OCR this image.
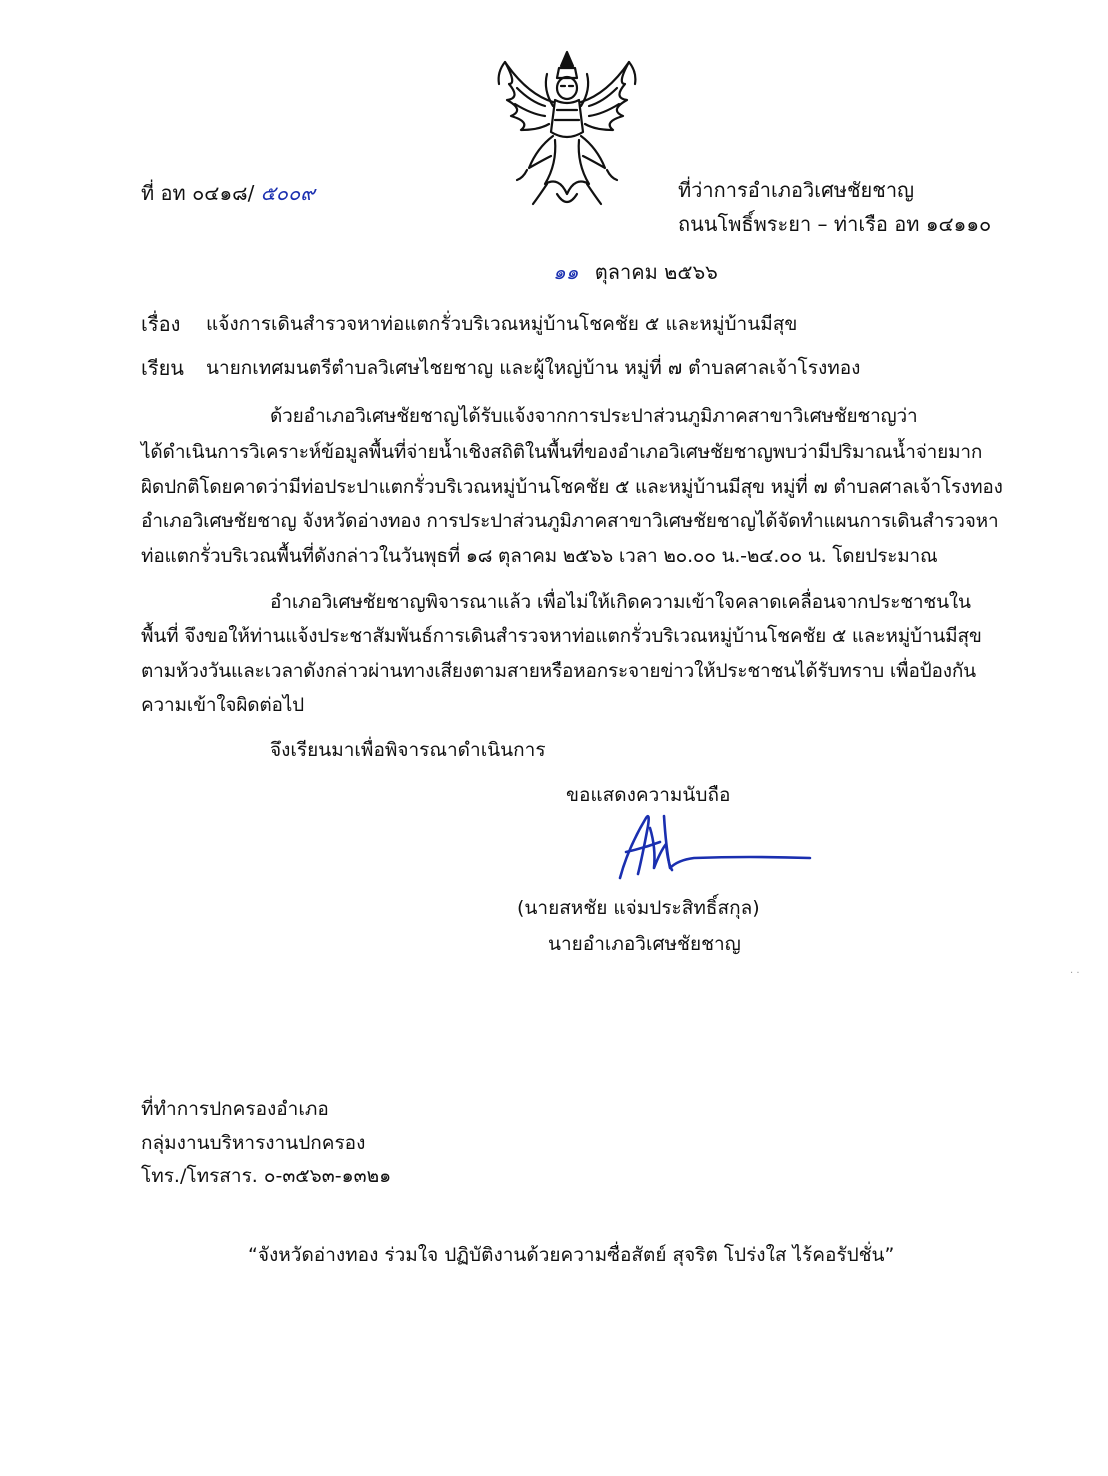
ที่ อท ๐๔๑๘/ ๕๐๐๙	ที่ว่าการอำเภอวิเศษชัยชาญ
ถนนโพธิ์พระยา – ท่าเรือ อท ๑๔๑๑๐
๑๑ ตุลาคม ๒๕๖๖
เรื่อง แจ้งการเดินสำรวจหาท่อแตกรั่วบริเวณหมู่บ้านโชคชัย ๕ และหมู่บ้านมีสุข
เรียน นายกเทศมนตรีตำบลวิเศษไชยชาญ และผู้ใหญ่บ้าน หมู่ที่ ๗ ตำบลศาลเจ้าโรงทอง
ด้วยอำเภอวิเศษชัยชาญได้รับแจ้งจากการประปาส่วนภูมิภาคสาขาวิเศษชัยชาญว่า
ได้ดำเนินการวิเคราะห์ข้อมูลพื้นที่จ่ายน้ำเชิงสถิติในพื้นที่ของอำเภอวิเศษชัยชาญพบว่ามีปริมาณน้ำจ่ายมาก
ผิดปกติโดยคาดว่ามีท่อประปาแตกรั่วบริเวณหมู่บ้านโชคชัย ๕ และหมู่บ้านมีสุข หมู่ที่ ๗ ตำบลศาลเจ้าโรงทอง
อำเภอวิเศษชัยชาญ จังหวัดอ่างทอง การประปาส่วนภูมิภาคสาขาวิเศษชัยชาญได้จัดทำแผนการเดินสำรวจหา
ท่อแตกรั่วบริเวณพื้นที่ดังกล่าวในวันพุธที่ ๑๘ ตุลาคม ๒๕๖๖ เวลา ๒๐.๐๐ น.-๒๔.๐๐ น. โดยประมาณ
อำเภอวิเศษชัยชาญพิจารณาแล้ว เพื่อไม่ให้เกิดความเข้าใจคลาดเคลื่อนจากประชาชนใน
พื้นที่ จึงขอให้ท่านแจ้งประชาสัมพันธ์การเดินสำรวจหาท่อแตกรั่วบริเวณหมู่บ้านโชคชัย ๕ และหมู่บ้านมีสุข
ตามห้วงวันและเวลาดังกล่าวผ่านทางเสียงตามสายหรือหอกระจายข่าวให้ประชาชนได้รับทราบ เพื่อป้องกัน
ความเข้าใจผิดต่อไป
จึงเรียนมาเพื่อพิจารณาดำเนินการ
ขอแสดงความนับถือ
(นายสหชัย แจ่มประสิทธิ์สกุล)
นายอำเภอวิเศษชัยชาญ
ที่ทำการปกครองอำเภอ
กลุ่มงานบริหารงานปกครอง
โทร./โทรสาร. ๐-๓๕๖๓-๑๓๒๑
“จังหวัดอ่างทอง ร่วมใจ ปฏิบัติงานด้วยความซื่อสัตย์ สุจริต โปร่งใส ไร้คอรัปชั่น”
· ·
